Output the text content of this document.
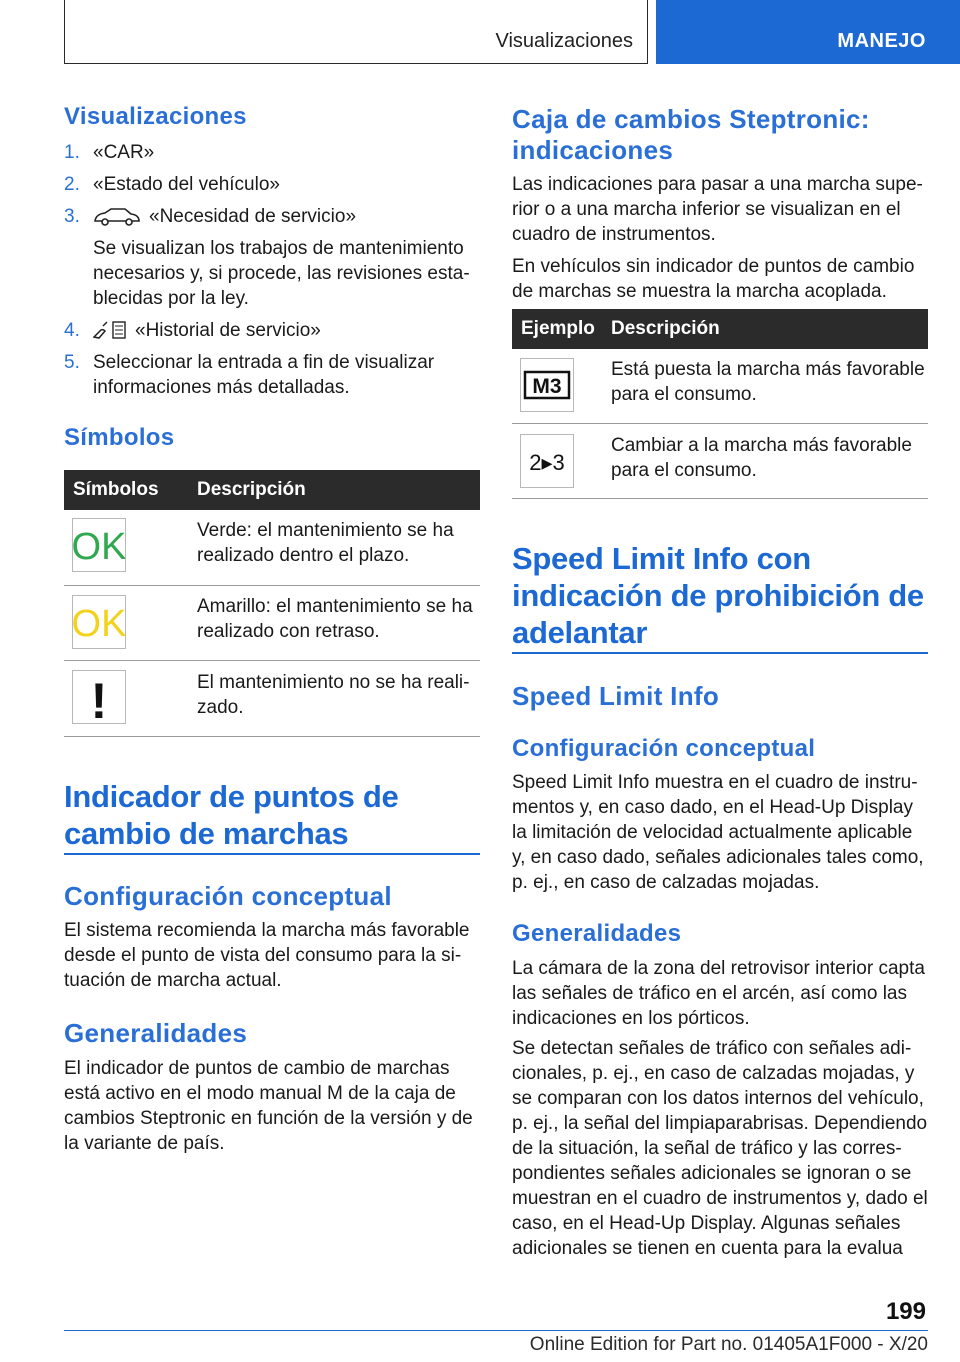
Visualizaciones	MANEJO
Visualizaciones
1. «CAR»
2. «Estado del vehículo»
3.	«Necesidad de servicio»
Se visualizan los trabajos de mantenimiento necesarios y, si procede, las revisiones establecidas por la ley.
4.	«Historial de servicio»
5. Seleccionar la entrada a fin de visualizar informaciones más detalladas.
Símbolos
Símbolos Descripción
OK	Verde: el mantenimiento se ha realizado dentro el plazo.
OK	Amarillo: el mantenimiento se ha realizado con retraso.
!	El mantenimiento no se ha realizado.
Indicador de puntos de cambio de marchas
Configuración conceptual
El sistema recomienda la marcha más favorable desde el punto de vista del consumo para la situación de marcha actual.
Generalidades
El indicador de puntos de cambio de marchas está activo en el modo manual M de la caja de cambios Steptronic en función de la versión y de la variante de país.
Caja de cambios Steptronic: indicaciones
Las indicaciones para pasar a una marcha superior o a una marcha inferior se visualizan en el cuadro de instrumentos.
En vehículos sin indicador de puntos de cambio de marchas se muestra la marcha acoplada.
Ejemplo Descripción
M3
Está puesta la marcha más favorable para el consumo.
2▸3
Cambiar a la marcha más favorable para el consumo.
Speed Limit Info con indicación de prohibición de adelantar
Speed Limit Info
Configuración conceptual
Speed Limit Info muestra en el cuadro de instrumentos y, en caso dado, en el Head-Up Display la limitación de velocidad actualmente aplicable y, en caso dado, señales adicionales tales como, p. ej., en caso de calzadas mojadas.
Generalidades
La cámara de la zona del retrovisor interior capta las señales de tráfico en el arcén, así como las indicaciones en los pórticos.
Se detectan señales de tráfico con señales adicionales, p. ej., en caso de calzadas mojadas, y se comparan con los datos internos del vehículo, p. ej., la señal del limpiaparabrisas. Dependiendo de la situación, la señal de tráfico y las correspondientes señales adicionales se ignoran o se muestran en el cuadro de instrumentos y, dado el caso, en el Head-Up Display. Algunas señales adicionales se tienen en cuenta para la evalua
199
Online Edition for Part no. 01405A1F000 - X/20
